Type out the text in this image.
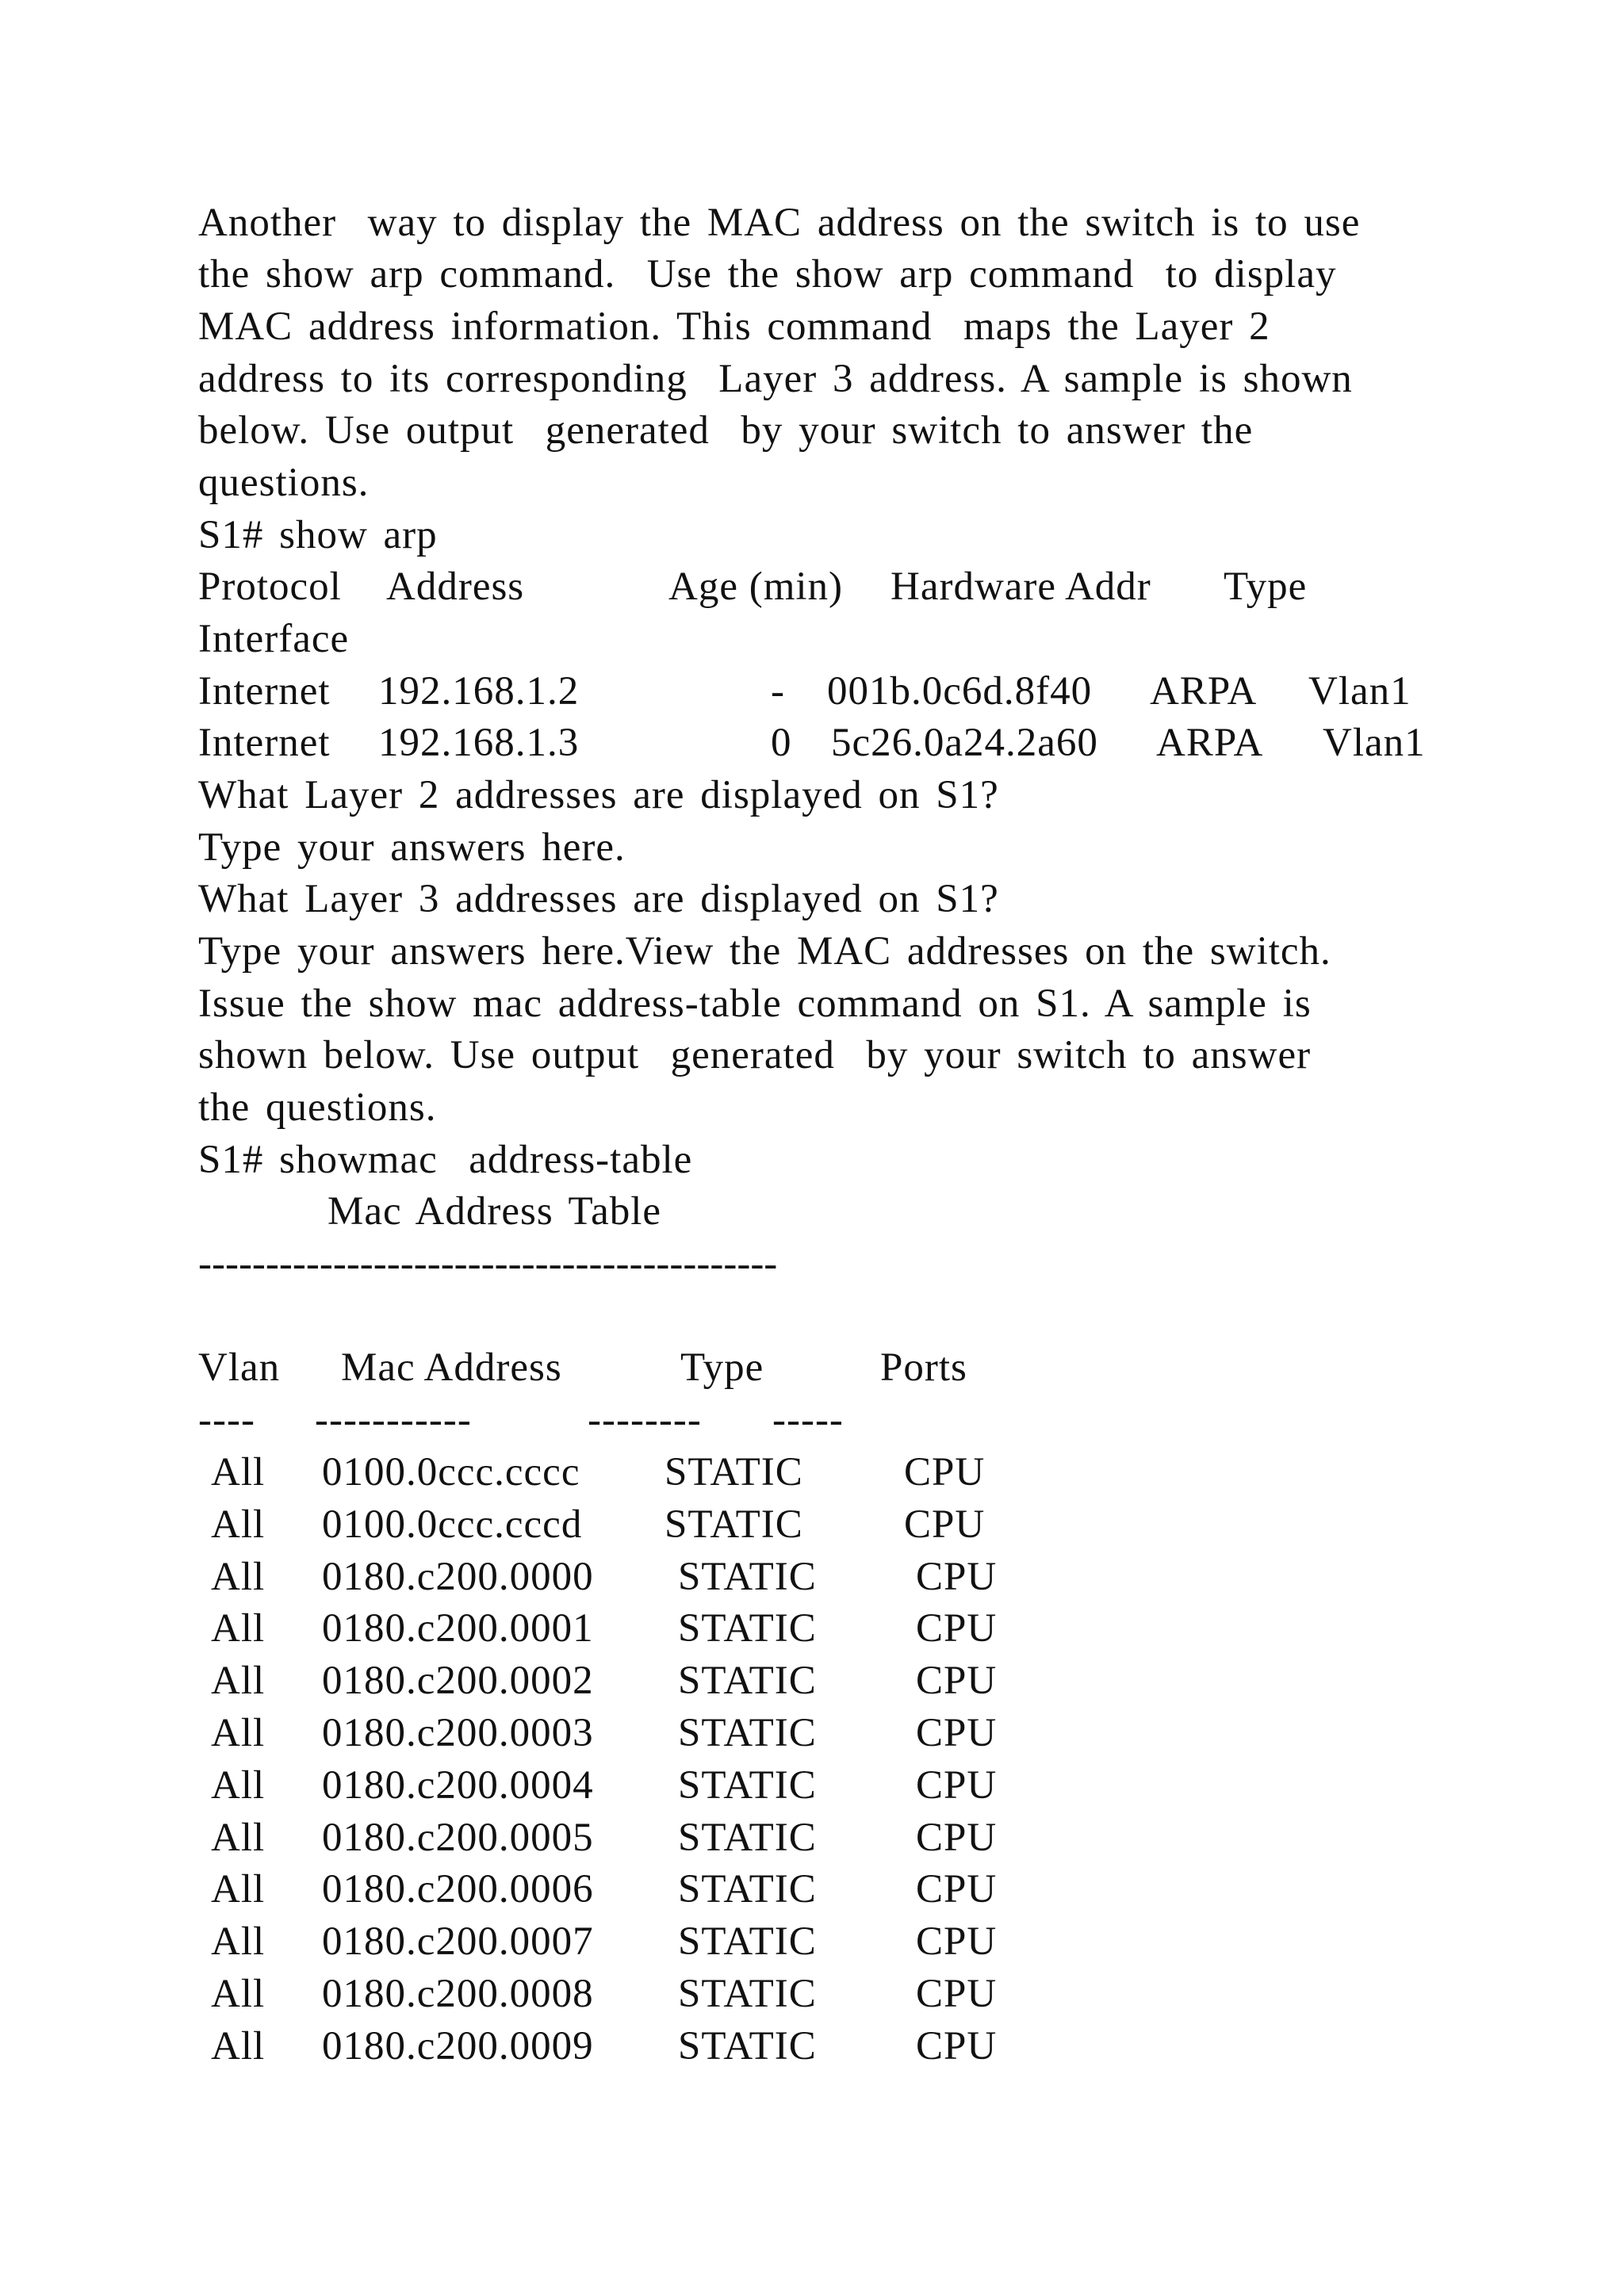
Another  way to display the MAC address on the switch is to use
the show arp command.  Use the show arp command  to display
MAC address information. This command  maps the Layer 2
address to its corresponding  Layer 3 address. A sample is shown
below. Use output  generated  by your switch to answer the
questions.
S1# show arp
Protocol Address	Age (min) Hardware Addr Type
Interface
Internet 192.168.1.2	- 001b.0c6d.8f40 ARPA Vlan1
Internet 192.168.1.3	0 5c26.0a24.2a60 ARPA Vlan1
What Layer 2 addresses are displayed on S1?
Type your answers here.
What Layer 3 addresses are displayed on S1?
Type your answers here.View the MAC addresses on the switch.
Issue the show mac address-table command on S1. A sample is
shown below. Use output  generated  by your switch to answer
the questions.
S1# showmac  address-table
Mac Address Table
-------------------------------------------
Vlan Mac Address	Type	Ports
---- -----------	-------- -----
All 0100.0ccc.cccc STATIC CPU
All 0100.0ccc.cccd STATIC CPU
All 0180.c200.0000 STATIC CPU
All 0180.c200.0001 STATIC CPU
All 0180.c200.0002 STATIC CPU
All 0180.c200.0003 STATIC CPU
All 0180.c200.0004 STATIC CPU
All 0180.c200.0005 STATIC CPU
All 0180.c200.0006 STATIC CPU
All 0180.c200.0007 STATIC CPU
All 0180.c200.0008 STATIC CPU
All 0180.c200.0009 STATIC CPU
